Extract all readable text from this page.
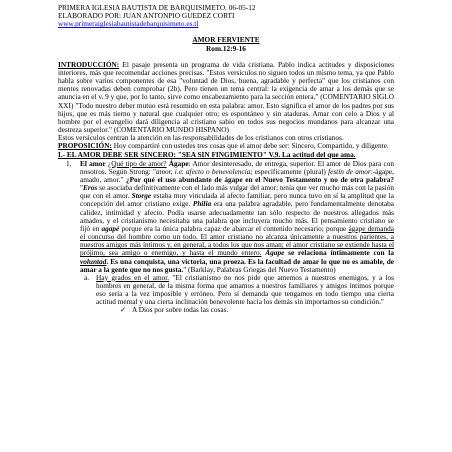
PRIMERA IGLESIA BAUTISTA DE BARQUISIMETO. 06-05-12

ELABORADO POR: JUAN ANTONPIO GUEDEZ CORTI

www.primeraiglesiabautistadebarquisimeto.es.tl

AMOR FERVIENTE
Rom.12:9-16

INTRODUCCIÓN: El pasaje presenta un programa de vida cristiana. Pablo indica actitudes y disposiciones interiores, más que recomendar acciones precisas. "Estos versículos no siguen todos un mismo tema, ya que Pablo habla sobre varios componentes de esa "voluntad de Dios, buena, agradable y perfecta" que los cristianos con mentes renovadas deben comprobar (2b). Pero tienen un tema central: la exigencia de amar a los demás que se anuncia en el v. 9 y que, por lo tanto, sirve como encabezamiento para la sección entera." (COMENTARIO SIGLO XXI) "Todo nuestro deber mutuo está resumido en esta palabra: amor. Esto significa el amor de los padres por sus hijos, que es más tierno y natural que cualquier otro; es espontáneo y sin ataduras. Amar con celo a Dios y al hombre por el evangelio dará diligencia al cristiano sabio en todos sus negocios mundanos para alcanzar una destreza superior." (COMENTARIO MUNDO HISPANO)

Estos versículos centran la atención en las responsabilidades de los cristianos con otros cristianos.

PROPOSICIÓN: Hoy compartiré con ustedes tres cosas que el amor debe ser: Sincero, Compartido, y diligente.

I.- EL AMOR DEBE SER SINCERO: "SEA SIN FINGIMIENTO" V.9. La actitud del que ama.

1.	El amor ¿Qué tipo de amor? Ágape: Amor desinteresado, de entrega, superior. El amor de Dios para con nosotros. Según Strong: "amor, i.e. afecto o benevolencia; específicamente (plural) festín de amor:-ágape, amado, amor." ¿Por qué el uso abundante de ágape en el Nuevo Testamento y no de otra palabra? "Eros se asociaba definitivamente con el lado más vulgar del amor; tenía que ver mucho más con la pasión que con el amor. Storge estaba muy vinculada al afecto familiar, pero nunca tuvo en sí la amplitud que la concepción del amor cristiano exige. Philia era una palabra agradable, pero fundamentalmente denotaba calidez, intimidad y afecto. Podía usarse adecuadamente tan sólo respecto de nuestros allegados más amados, y el cristianismo necesitaba una palabra que incluyera mucho más. El pensamiento cristiano se fijó en agapé porque era la única palabra capaz de abarcar el contenido necesario; porque ágape demanda el concurso del hombre como un todo. El amor cristiano no alcanza únicamente a nuestros parientes, a nuestros amigos más íntimos y, en general, a todos los que nos aman; el amor cristiano se extiende hasta el prójimo, sea amigo o enemigo, y hasta el mundo entero. Ágape se relaciona íntimamente con la voluntad. Es una conquista, una victoria, una proeza. Es la facultad de amar lo que no es amable, de amar a la gente que no nos gusta." (Barklay, Palabras Griegas del Nuevo Testamento)
a. Hay grados en el amor. "El cristianismo no nos pide que amemos a nuestros enemigos, y a los hombres en general, de la misma forma que amamos a nuestros familiares y amigos íntimos porque eso sería a la vez imposible y erróneo. Pero sí demanda que tengamos en todo tiempo una cierta actitud mental y una cierta inclinación benevolente hacia los demás sin importarnos su condición."
✓ A Dios por sobre todas las cosas.
